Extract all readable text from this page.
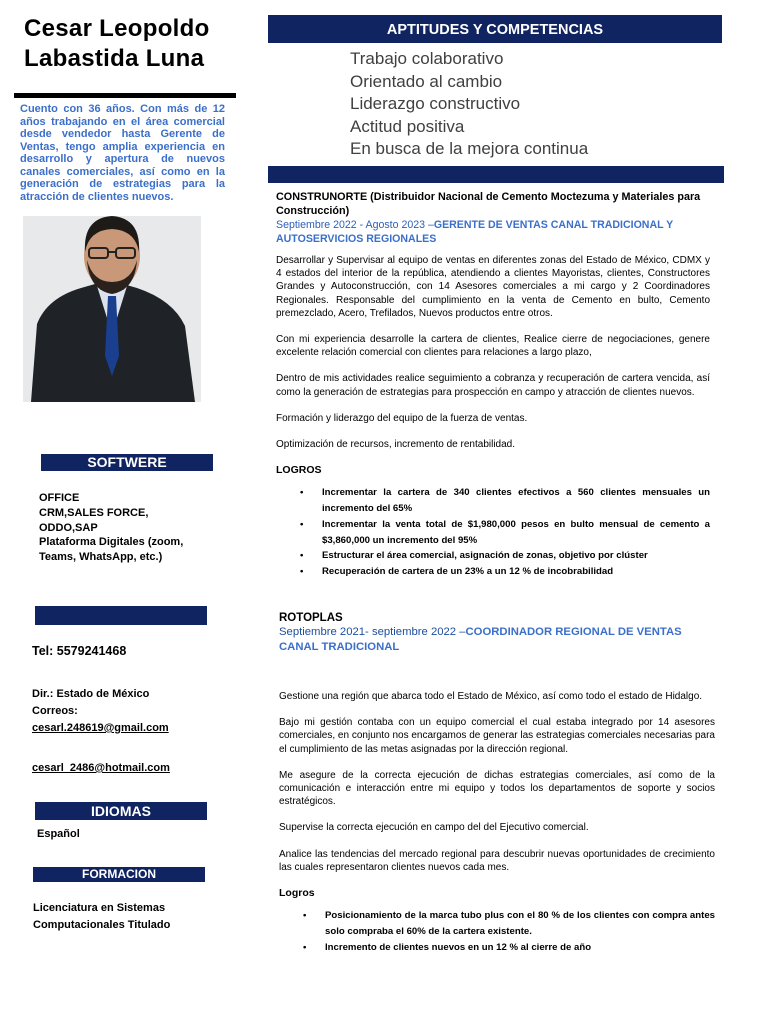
Cesar Leopoldo
Labastida Luna
Cuento con 36 años. Con más de 12 años trabajando en el área comercial desde vendedor hasta Gerente de Ventas, tengo amplia experiencia en desarrollo y apertura de nuevos canales comerciales, así como en la generación de estrategias para la atracción de clientes nuevos.
SOFTWERE
OFFICE
CRM,SALES FORCE,
ODDO,SAP
Plataforma Digitales (zoom,
Teams, WhatsApp, etc.)
Tel: 5579241468
Dir.: Estado de México
Correos:
cesarl.248619@gmail.com
cesarl_2486@hotmail.com
IDIOMAS
Español
FORMACION
Licenciatura en Sistemas
Computacionales Titulado
APTITUDES Y COMPETENCIAS
Trabajo colaborativo
Orientado al cambio
Liderazgo constructivo
Actitud positiva
En busca de la mejora continua
CONSTRUNORTE (Distribuidor Nacional de Cemento Moctezuma y Materiales para Construcción)
Septiembre 2022 - Agosto 2023 –GERENTE DE VENTAS CANAL TRADICIONAL Y AUTOSERVICIOS REGIONALES
Desarrollar y Supervisar al equipo de ventas en diferentes zonas del Estado de México, CDMX y 4 estados del interior de la república, atendiendo a clientes Mayoristas, clientes, Constructores Grandes y Autoconstrucción, con 14 Asesores comerciales a mi cargo y 2 Coordinadores Regionales. Responsable del cumplimiento en la venta de Cemento en bulto, Cemento premezclado, Acero, Trefilados, Nuevos productos entre otros.
Con mi experiencia desarrolle la cartera de clientes, Realice cierre de negociaciones, genere excelente relación comercial con clientes para relaciones a largo plazo,
Dentro de mis actividades realice seguimiento a cobranza y recuperación de cartera vencida, así como la generación de estrategias para prospección en campo y atracción de clientes nuevos.
Formación y liderazgo del equipo de la fuerza de ventas.
Optimización de recursos, incremento de rentabilidad.
LOGROS
• Incrementar la cartera de 340 clientes efectivos a 560 clientes mensuales un incremento del 65%
• Incrementar la venta total de $1,980,000 pesos en bulto mensual de cemento a $3,860,000 un incremento del 95%
• Estructurar el área comercial, asignación de zonas, objetivo por clúster
• Recuperación de cartera de un 23% a un 12 % de incobrabilidad
ROTOPLAS
Septiembre 2021- septiembre 2022 –COORDINADOR REGIONAL DE VENTAS CANAL TRADICIONAL
Gestione una región que abarca todo el Estado de México, así como todo el estado de Hidalgo.
Bajo mi gestión contaba con un equipo comercial el cual estaba integrado por 14 asesores comerciales, en conjunto nos encargamos de generar las estrategias comerciales necesarias para el cumplimiento de las metas asignadas por la dirección regional.
Me asegure de la correcta ejecución de dichas estrategias comerciales, así como de la comunicación e interacción entre mi equipo y todos los departamentos de soporte y socios estratégicos.
Supervise la correcta ejecución en campo del del Ejecutivo comercial.
Analice las tendencias del mercado regional para descubrir nuevas oportunidades de crecimiento las cuales representaron clientes nuevos cada mes.
Logros
• Posicionamiento de la marca tubo plus con el 80 % de los clientes con compra antes solo compraba el 60% de la cartera existente.
• Incremento de clientes nuevos en un 12 % al cierre de año
